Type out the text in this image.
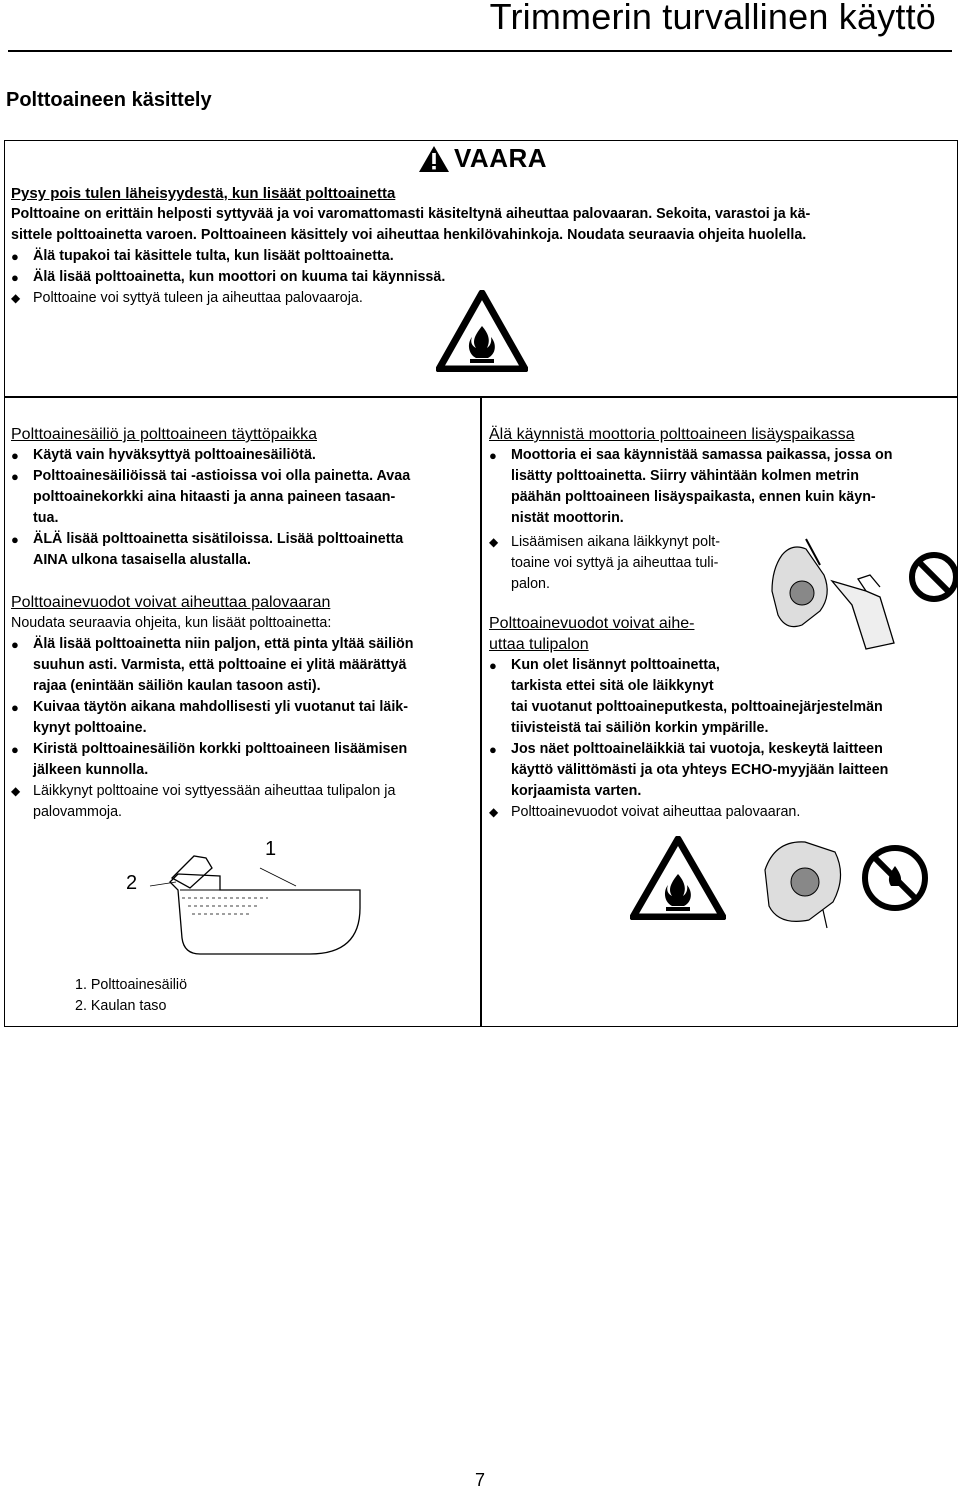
Trimmerin turvallinen käyttö
Polttoaineen käsittely
VAARA
Pysy pois tulen läheisyydestä, kun lisäät polttoainetta
Polttoaine on erittäin helposti syttyvää ja voi varomattomasti käsiteltynä aiheuttaa palovaaran. Sekoita, varastoi ja kä-
sittele polttoainetta varoen. Polttoaineen käsittely voi aiheuttaa henkilövahinkoja. Noudata seuraavia ohjeita huolella.
● Älä tupakoi tai käsittele tulta, kun lisäät polttoainetta.
● Älä lisää polttoainetta, kun moottori on kuuma tai käynnissä.
◆ Polttoaine voi syttyä tuleen ja aiheuttaa palovaaroja.
Polttoainesäiliö ja polttoaineen täyttöpaikka
● Käytä vain hyväksyttyä polttoainesäiliötä.
● Polttoainesäiliöissä tai -astioissa voi olla painetta. Avaa
polttoainekorkki aina hitaasti ja anna paineen tasaan-
tua.
● ÄLÄ lisää polttoainetta sisätiloissa. Lisää polttoainetta
AINA ulkona tasaisella alustalla.
Polttoainevuodot voivat aiheuttaa palovaaran
Noudata seuraavia ohjeita, kun lisäät polttoainetta:
● Älä lisää polttoainetta niin paljon, että pinta yltää säiliön
suuhun asti. Varmista, että polttoaine ei ylitä määrättyä
rajaa (enintään säiliön kaulan tasoon asti).
● Kuivaa täytön aikana mahdollisesti yli vuotanut tai läik-
kynyt polttoaine.
● Kiristä polttoainesäiliön korkki polttoaineen lisäämisen
jälkeen kunnolla.
◆ Läikkynyt polttoaine voi syttyessään aiheuttaa tulipalon ja
palovammoja.
1
2
1. Polttoainesäiliö
2. Kaulan taso
Älä käynnistä moottoria polttoaineen lisäyspaikassa
● Moottoria ei saa käynnistää samassa paikassa, jossa on
lisätty polttoainetta. Siirry vähintään kolmen metrin
päähän polttoaineen lisäyspaikasta, ennen kuin käyn-
nistät moottorin.
◆ Lisäämisen aikana läikkynyt polt-
toaine voi syttyä ja aiheuttaa tuli-
palon.
Polttoainevuodot voivat aihe-
uttaa tulipalon
● Kun olet lisännyt polttoainetta,
tarkista ettei sitä ole läikkynyt
tai vuotanut polttoaineputkesta, polttoainejärjestelmän
tiivisteistä tai säiliön korkin ympärille.
● Jos näet polttoaineläikkiä tai vuotoja, keskeytä laitteen
käyttö välittömästi ja ota yhteys ECHO-myyjään laitteen
korjaamista varten.
◆ Polttoainevuodot voivat aiheuttaa palovaaran.
7
